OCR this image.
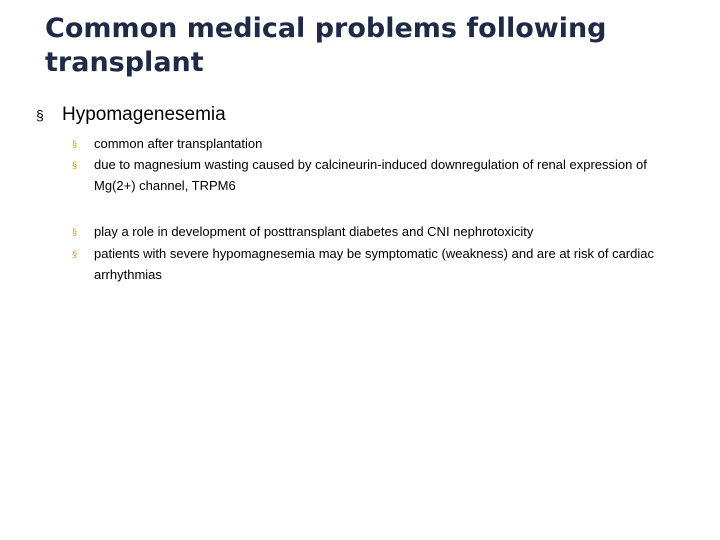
Common medical problems following transplant
§ Hypomagenesemia
§ common after transplantation
§ due to magnesium wasting caused by calcineurin-induced downregulation of renal expression of Mg(2+) channel, TRPM6
§ play a role in development of posttransplant diabetes and CNI nephrotoxicity
§ patients with severe hypomagnesemia may be symptomatic (weakness) and are at risk of cardiac arrhythmias
